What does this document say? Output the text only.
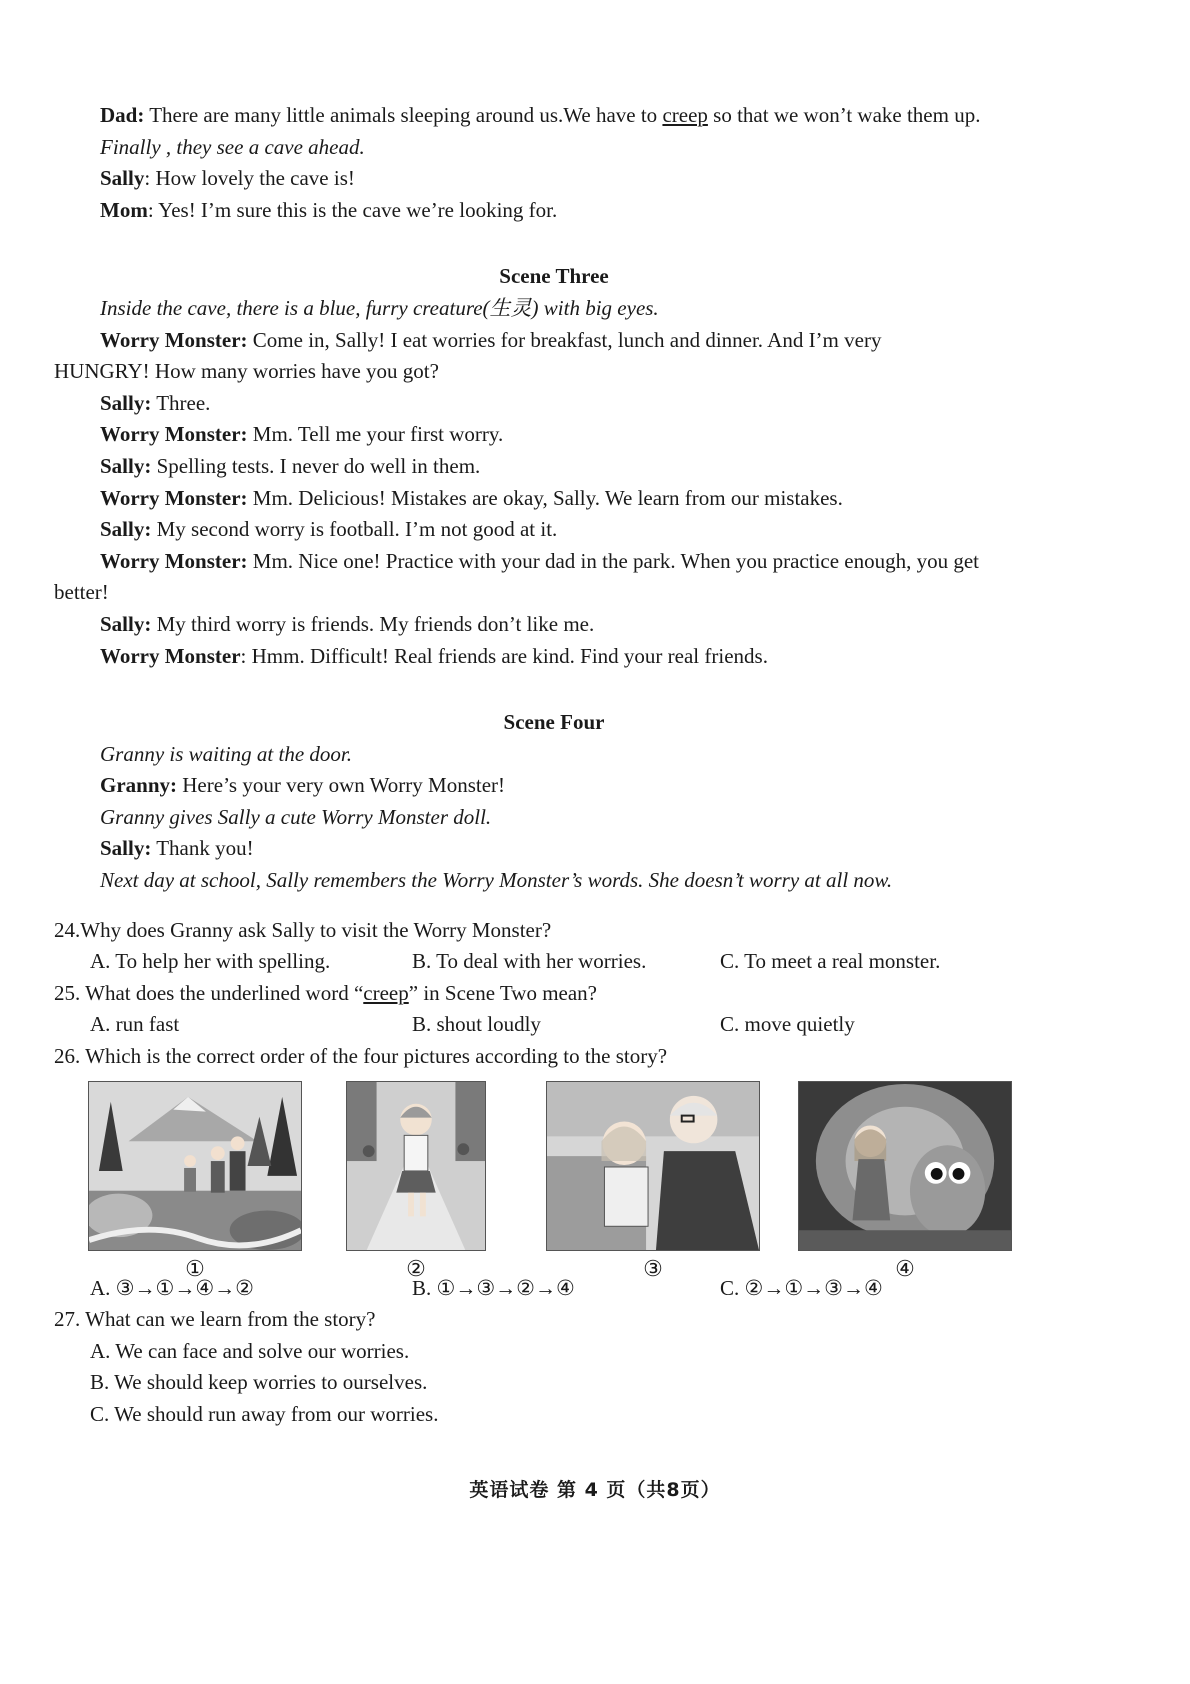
Dad: There are many little animals sleeping around us.We have to creep so that we won’t wake them up.
Finally , they see a cave ahead.
Sally: How lovely the cave is!
Mom: Yes! I’m sure this is the cave we’re looking for.
Scene Three
Inside the cave, there is a blue, furry creature(生灵) with big eyes.
Worry Monster: Come in, Sally! I eat worries for breakfast, lunch and dinner. And I’m very
HUNGRY! How many worries have you got?
Sally: Three.
Worry Monster: Mm. Tell me your first worry.
Sally: Spelling tests. I never do well in them.
Worry Monster: Mm. Delicious! Mistakes are okay, Sally. We learn from our mistakes.
Sally: My second worry is football. I’m not good at it.
Worry Monster: Mm. Nice one! Practice with your dad in the park. When you practice enough, you get
better!
Sally: My third worry is friends. My friends don’t like me.
Worry Monster: Hmm. Difficult! Real friends are kind. Find your real friends.
Scene Four
Granny is waiting at the door.
Granny: Here’s your very own Worry Monster!
Granny gives Sally a cute Worry Monster doll.
Sally: Thank you!
Next day at school, Sally remembers the Worry Monster’s words. She doesn’t worry at all now.
24.Why does Granny ask Sally to visit the Worry Monster?
A. To help her with spelling.	B. To deal with her worries.	C. To meet a real monster.
25. What does the underlined word “creep” in Scene Two mean?
A. run fast	B. shout loudly	C. move quietly
26. Which is the correct order of the four pictures according to the story?
①	②	③	④
A. ③→①→④→②	B. ①→③→②→④	C. ②→①→③→④
27. What can we learn from the story?
A. We can face and solve our worries.
B. We should keep worries to ourselves.
C. We should run away from our worries.
英语试卷 第 4 页（共8页）
